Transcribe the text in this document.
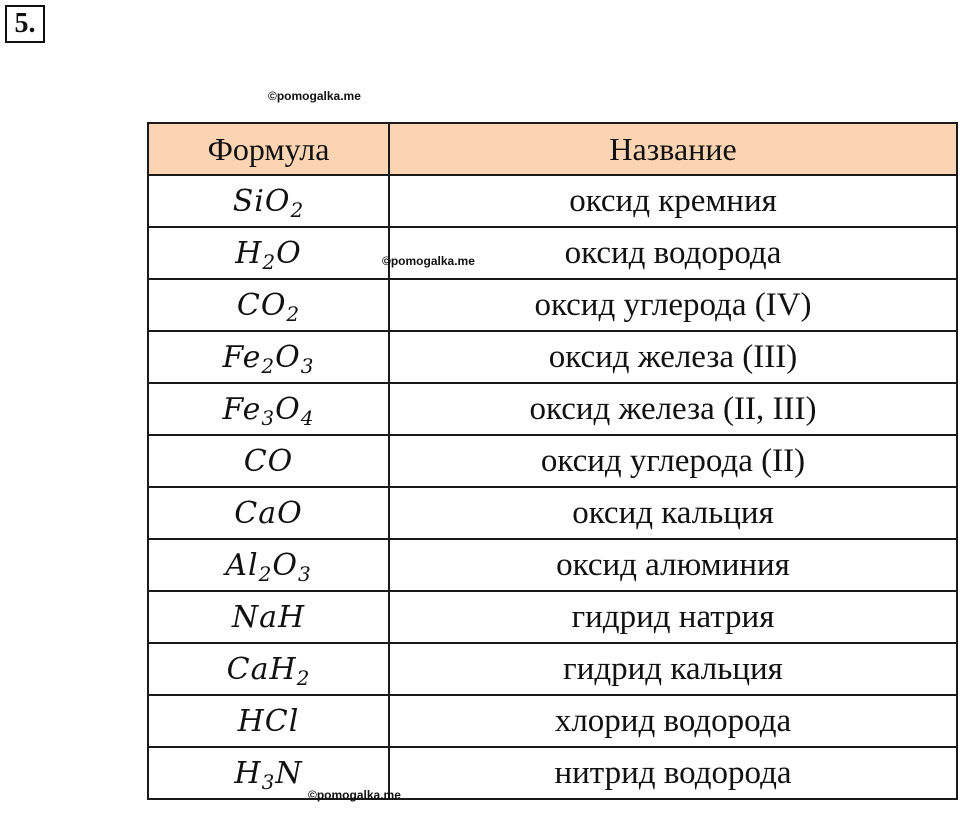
5.
©pomogalka.me
Формула	Название
SiO$_2$	оксид кремния
$H_2O$	оксид водорода
$CO_2$	оксид углерода (IV)
$Fe_2O_3$	оксид железа (III)
$Fe_3O_4$	оксид железа (II, III)
CO	оксид углерода (II)
CaO	оксид кальция
$Al_2O_3$	оксид алюминия
NaH	гидрид натрия
CaH$_2$	гидрид кальция
HCl	хлорид водорода
$H_3N$	нитрид водорода
©pomogalka.me
©pomogalka.me
